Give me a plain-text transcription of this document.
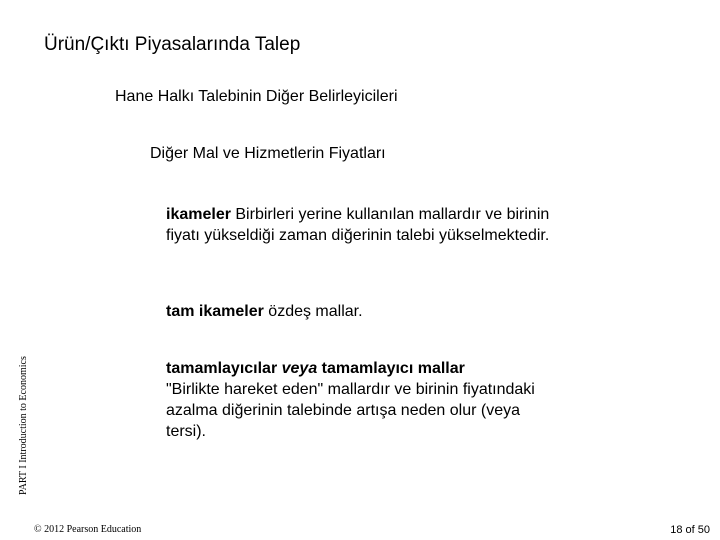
Ürün/Çıktı Piyasalarında Talep
Hane Halkı Talebinin Diğer Belirleyicileri
Diğer Mal ve Hizmetlerin Fiyatları
ikameler Birbirleri yerine kullanılan mallardır ve birinin fiyatı yükseldiği zaman diğerinin talebi yükselmektedir.
tam ikameler özdeş mallar.
tamamlayıcılar veya tamamlayıcı mallar
"Birlikte hareket eden" mallardır ve birinin fiyatındaki azalma diğerinin talebinde artışa neden olur (veya tersi).
PART I Introduction to Economics
© 2012 Pearson Education	18 of 50
